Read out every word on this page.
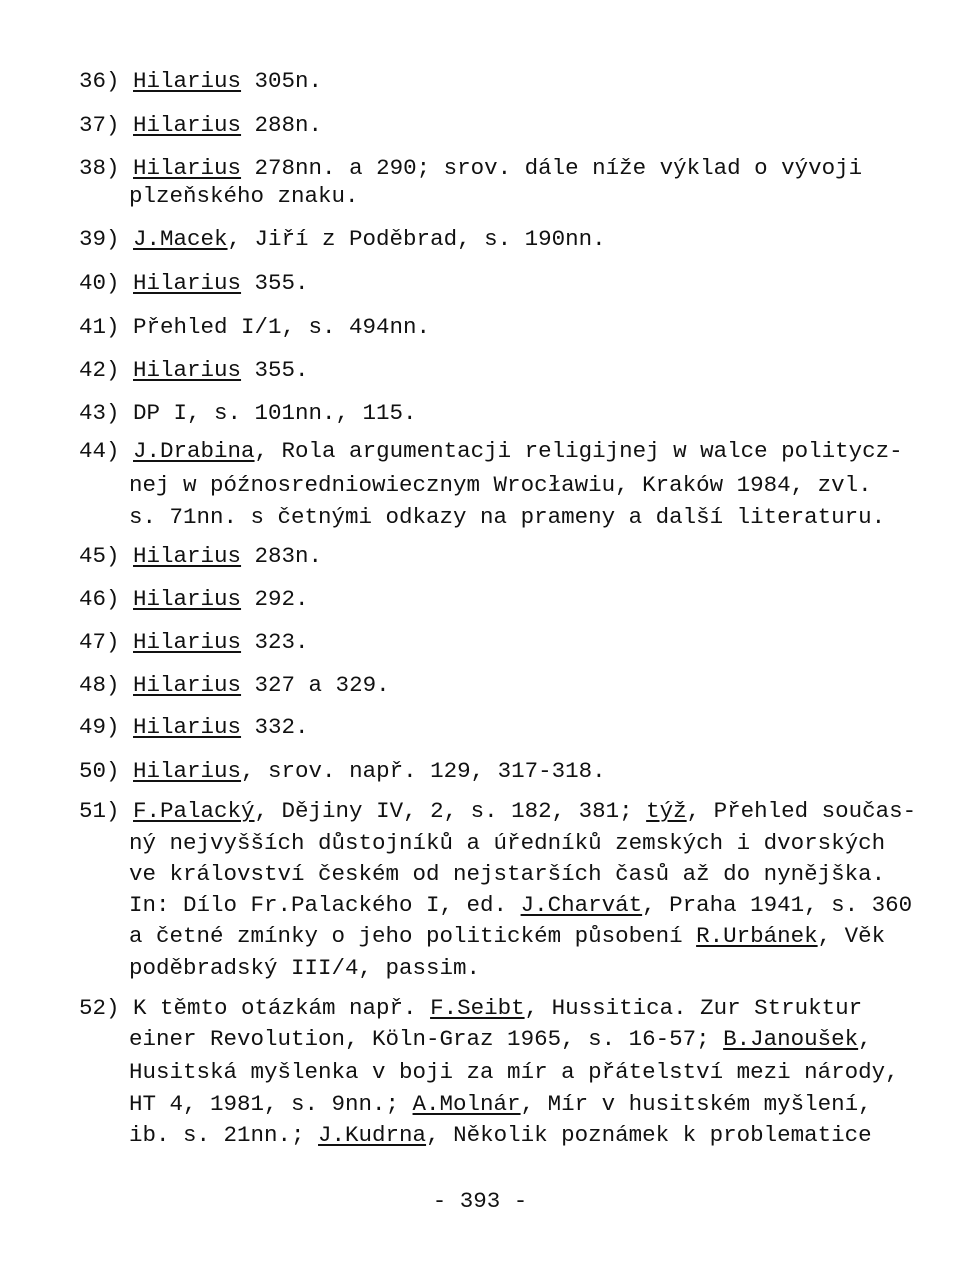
36) Hilarius 305n.
37) Hilarius 288n.
38) Hilarius 278nn. a 290; srov. dále níže výklad o vývoji
plzeňského znaku.
39) J.Macek, Jiří z Poděbrad, s. 190nn.
40) Hilarius 355.
41) Přehled I/1, s. 494nn.
42) Hilarius 355.
43) DP I, s. 101nn., 115.
44) J.Drabina, Rola argumentacji religijnej w walce politycz-
nej w późnosredniowiecznym Wrocławiu, Kraków 1984, zvl.
s. 71nn. s četnými odkazy na prameny a další literaturu.
45) Hilarius 283n.
46) Hilarius 292.
47) Hilarius 323.
48) Hilarius 327 a 329.
49) Hilarius 332.
50) Hilarius, srov. např. 129, 317-318.
51) F.Palacký, Dějiny IV, 2, s. 182, 381; týž, Přehled součas-
ný nejvyšších důstojníků a úředníků zemských i dvorských
ve království českém od nejstarších časů až do nynějška.
In: Dílo Fr.Palackého I, ed. J.Charvát, Praha 1941, s. 360
a četné zmínky o jeho politickém působení R.Urbánek, Věk
poděbradský III/4, passim.
52) K těmto otázkám např. F.Seibt, Hussitica. Zur Struktur
einer Revolution, Köln-Graz 1965, s. 16-57; B.Janoušek,
Husitská myšlenka v boji za mír a přátelství mezi národy,
HT 4, 1981, s. 9nn.; A.Molnár, Mír v husitském myšlení,
ib. s. 21nn.; J.Kudrna, Několik poznámek k problematice
- 393 -
